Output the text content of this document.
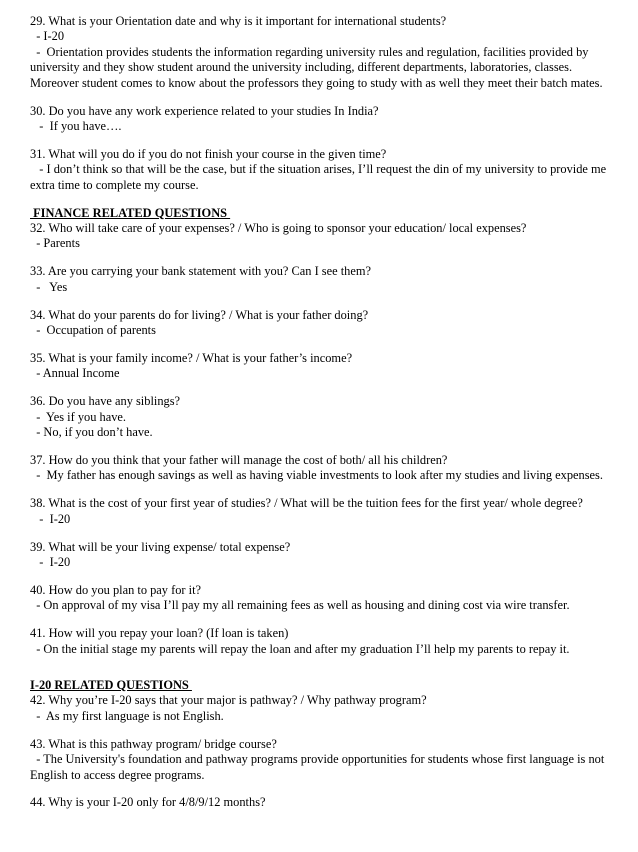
29. What is your Orientation date and why is it important for international students?
- I-20
-  Orientation provides students the information regarding university rules and regulation, facilities provided by
university and they show student around the university including, different departments, laboratories, classes.
Moreover student comes to know about the professors they going to study with as well they meet their batch mates.
30. Do you have any work experience related to your studies In India?
-  If you have….
31. What will you do if you do not finish your course in the given time?
- I don’t think so that will be the case, but if the situation arises, I’ll request the din of my university to provide me
extra time to complete my course.
FINANCE RELATED QUESTIONS
32. Who will take care of your expenses? / Who is going to sponsor your education/ local expenses?
- Parents
33. Are you carrying your bank statement with you? Can I see them?
-   Yes
34. What do your parents do for living? / What is your father doing?
-  Occupation of parents
35. What is your family income? / What is your father’s income?
- Annual Income
36. Do you have any siblings?
-  Yes if you have.
- No, if you don’t have.
37. How do you think that your father will manage the cost of both/ all his children?
-  My father has enough savings as well as having viable investments to look after my studies and living expenses.
38. What is the cost of your first year of studies? / What will be the tuition fees for the first year/ whole degree?
-  I-20
39. What will be your living expense/ total expense?
-  I-20
40. How do you plan to pay for it?
- On approval of my visa I’ll pay my all remaining fees as well as housing and dining cost via wire transfer.
41. How will you repay your loan? (If loan is taken)
- On the initial stage my parents will repay the loan and after my graduation I’ll help my parents to repay it.
I-20 RELATED QUESTIONS
42. Why you’re I-20 says that your major is pathway? / Why pathway program?
-  As my first language is not English.
43. What is this pathway program/ bridge course?
- The University's foundation and pathway programs provide opportunities for students whose first language is not
English to access degree programs.
44. Why is your I-20 only for 4/8/9/12 months?
